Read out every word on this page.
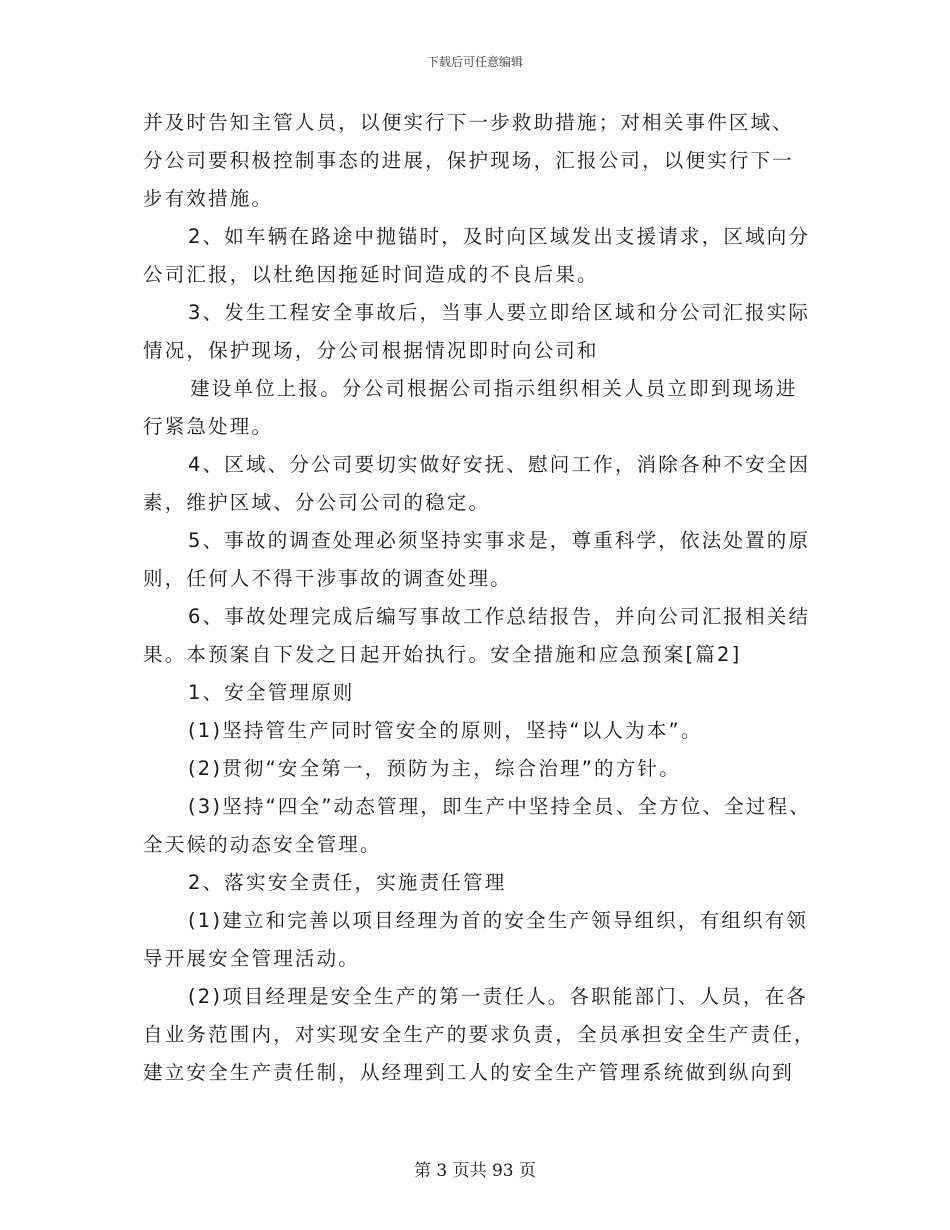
下载后可任意编辑
并及时告知主管人员，以便实行下一步救助措施；对相关事件区域、
分公司要积极控制事态的进展，保护现场，汇报公司，以便实行下一
步有效措施。
2、如车辆在路途中抛锚时，及时向区域发出支援请求，区域向分
公司汇报，以杜绝因拖延时间造成的不良后果。
3、发生工程安全事故后，当事人要立即给区域和分公司汇报实际
情况，保护现场，分公司根据情况即时向公司和
建设单位上报。分公司根据公司指示组织相关人员立即到现场进
行紧急处理。
4、区域、分公司要切实做好安抚、慰问工作，消除各种不安全因
素，维护区域、分公司公司的稳定。
5、事故的调查处理必须坚持实事求是，尊重科学，依法处置的原
则，任何人不得干涉事故的调查处理。
6、事故处理完成后编写事故工作总结报告，并向公司汇报相关结
果。本预案自下发之日起开始执行。安全措施和应急预案[篇2]
1、安全管理原则
(1)坚持管生产同时管安全的原则，坚持“以人为本”。
(2)贯彻“安全第一，预防为主，综合治理”的方针。
(3)坚持“四全”动态管理，即生产中坚持全员、全方位、全过程、
全天候的动态安全管理。
2、落实安全责任，实施责任管理
(1)建立和完善以项目经理为首的安全生产领导组织，有组织有领
导开展安全管理活动。
(2)项目经理是安全生产的第一责任人。各职能部门、人员，在各
自业务范围内，对实现安全生产的要求负责，全员承担安全生产责任，
建立安全生产责任制，从经理到工人的安全生产管理系统做到纵向到
第 3 页共 93 页
